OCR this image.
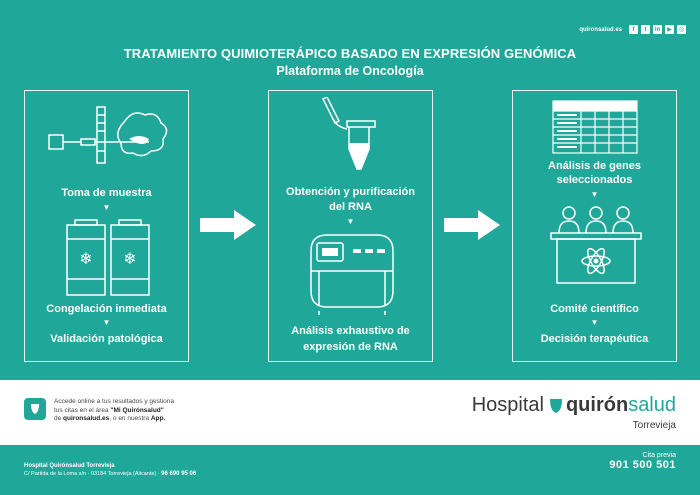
quironsalud.es	f	t	in	▶	◎
TRATAMIENTO QUIMIOTERÁPICO BASADO EN EXPRESIÓN GENÓMICA
Plataforma de Oncología
Toma de muestra
▼
❄ ❄
Congelación inmediata
▼
Validación patológica
Obtención y purificación
del RNA
▼
Análisis exhaustivo de
expresión de RNA
Análisis de genes
seleccionados
▼
Comité científico
▼
Decisión terapéutica
Accede online a tus resultados y gestiona
tus citas en el área "Mi Quirónsalud"
de quironsalud.es, o en nuestra App.
Hospital quirón salud
Torrevieja
Hospital Quirónsalud Torrevieja
C/ Partida de la Loma s/n · 03184 Torrevieja (Alicante) · 96 690 95 06
Cita previa
901 500 501
